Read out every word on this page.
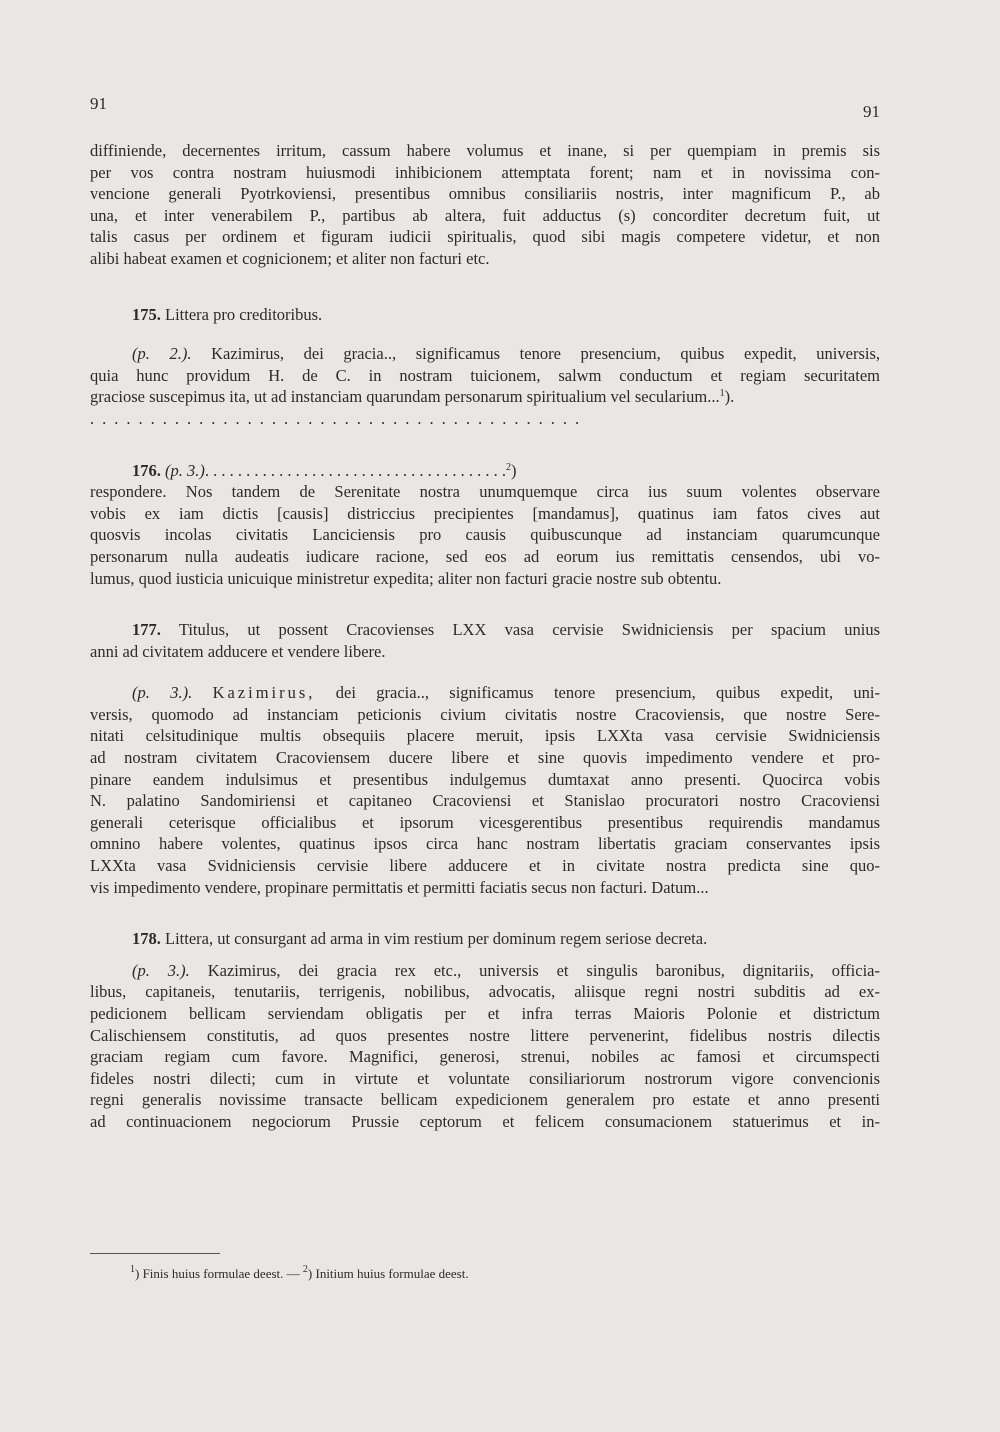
91	91
diffiniende, decernentes irritum, cassum habere volumus et inane, si per quempiam in premis sis
per vos contra nostram huiusmodi inhibicionem attemptata forent; nam et in novissima con-
vencione generali Pyotrkoviensi, presentibus omnibus consiliariis nostris, inter magnificum P., ab
una, et inter venerabilem P., partibus ab altera, fuit adductus (s) concorditer decretum fuit, ut
talis casus per ordinem et figuram iudicii spiritualis, quod sibi magis competere videtur, et non
alibi habeat examen et cognicionem; et aliter non facturi etc.
175. Littera pro creditoribus.
(p. 2.). Kazimirus, dei gracia.., significamus tenore presencium, quibus expedit, universis,
quia hunc providum H. de C. in nostram tuicionem, salwm conductum et regiam securitatem
graciose suscepimus ita, ut ad instanciam quarundam personarum spiritualium vel secularium...$^1$).
.........................................
176. (p. 3.). . . . . . . . . . . . . . . . . . . . . . . . . . . . . . . . . . . . .$^2$)
respondere. Nos tandem de Serenitate nostra unumquemque circa ius suum volentes observare
vobis ex iam dictis [causis] districcius precipientes [mandamus], quatinus iam fatos cives aut
quosvis incolas civitatis Lanciciensis pro causis quibuscunque ad instanciam quarumcunque
personarum nulla audeatis iudicare racione, sed eos ad eorum ius remittatis censendos, ubi vo-
lumus, quod iusticia unicuique ministretur expedita; aliter non facturi gracie nostre sub obtentu.
177. Titulus, ut possent Cracovienses LXX vasa cervisie Swidniciensis per spacium unius
anni ad civitatem adducere et vendere libere.
(p. 3.). Kazimirus, dei gracia.., significamus tenore presencium, quibus expedit, uni-
versis, quomodo ad instanciam peticionis civium civitatis nostre Cracoviensis, que nostre Sere-
nitati celsitudinique multis obsequiis placere meruit, ipsis LXXta vasa cervisie Swidniciensis
ad nostram civitatem Cracoviensem ducere libere et sine quovis impedimento vendere et pro-
pinare eandem indulsimus et presentibus indulgemus dumtaxat anno presenti. Quocirca vobis
N. palatino Sandomiriensi et capitaneo Cracoviensi et Stanislao procuratori nostro Cracoviensi
generali ceterisque officialibus et ipsorum vicesgerentibus presentibus requirendis mandamus
omnino habere volentes, quatinus ipsos circa hanc nostram libertatis graciam conservantes ipsis
LXXta vasa Svidniciensis cervisie libere adducere et in civitate nostra predicta sine quo-
vis impedimento vendere, propinare permittatis et permitti faciatis secus non facturi. Datum...
178. Littera, ut consurgant ad arma in vim restium per dominum regem seriose decreta.
(p. 3.). Kazimirus, dei gracia rex etc., universis et singulis baronibus, dignitariis, officia-
libus, capitaneis, tenutariis, terrigenis, nobilibus, advocatis, aliisque regni nostri subditis ad ex-
pedicionem bellicam serviendam obligatis per et infra terras Maioris Polonie et districtum
Calischiensem constitutis, ad quos presentes nostre littere pervenerint, fidelibus nostris dilectis
graciam regiam cum favore. Magnifici, generosi, strenui, nobiles ac famosi et circumspecti
fideles nostri dilecti; cum in virtute et voluntate consiliariorum nostrorum vigore convencionis
regni generalis novissime transacte bellicam expedicionem generalem pro estate et anno presenti
ad continuacionem negociorum Prussie ceptorum et felicem consumacionem statuerimus et in-
$^1$) Finis huius formulae deest. — $^2$) Initium huius formulae deest.
